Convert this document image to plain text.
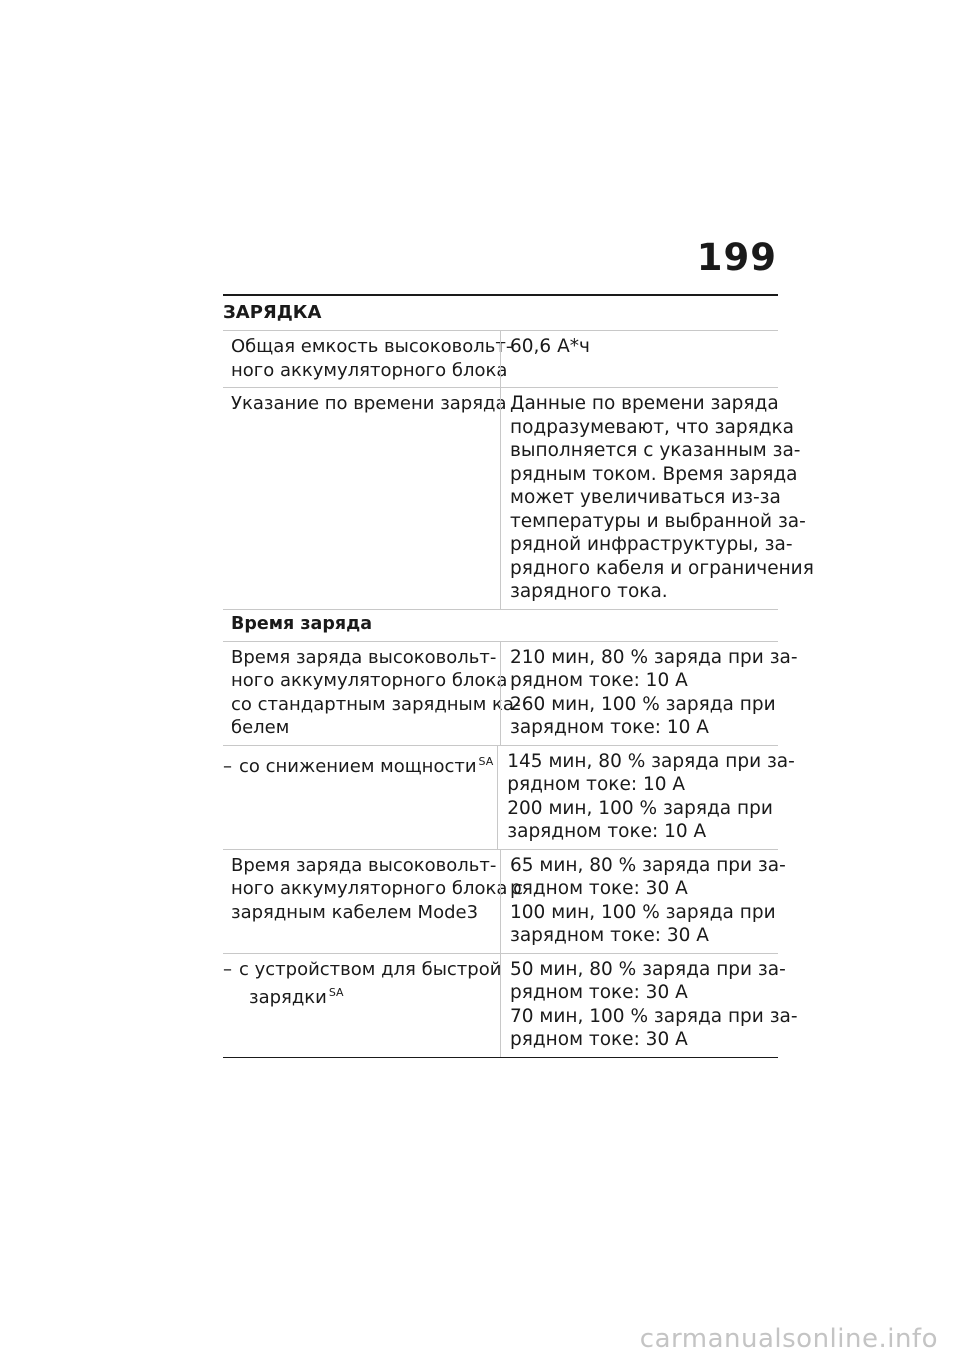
199
ЗАРЯДКА
Общая емкость высоковольт-
ного аккумуляторного блока
60,6 А*ч
Указание по времени заряда Данные по времени заряда
подразумевают, что зарядка
выполняется с указанным за-
рядным током. Время заряда
может увеличиваться из-за
температуры и выбранной за-
рядной инфраструктуры, за-
рядного кабеля и ограничения
зарядного тока.
Время заряда
Время заряда высоковольт-
ного аккумуляторного блока
со стандартным зарядным ка-
белем
210 мин, 80 % заряда при за-
рядном токе: 10 А
260 мин, 100 % заряда при
зарядном токе: 10 А
– со снижением мощности $^{SA}$ 145 мин, 80 % заряда при за-
рядном токе: 10 А
200 мин, 100 % заряда при
зарядном токе: 10 А
Время заряда высоковольт-
ного аккумуляторного блока с
зарядным кабелем Mode3
65 мин, 80 % заряда при за-
рядном токе: 30 А
100 мин, 100 % заряда при
зарядном токе: 30 А
– с устройством для быстрой
зарядки $^{SA}$
50 мин, 80 % заряда при за-
рядном токе: 30 А
70 мин, 100 % заряда при за-
рядном токе: 30 А
carmanualsonline.info
